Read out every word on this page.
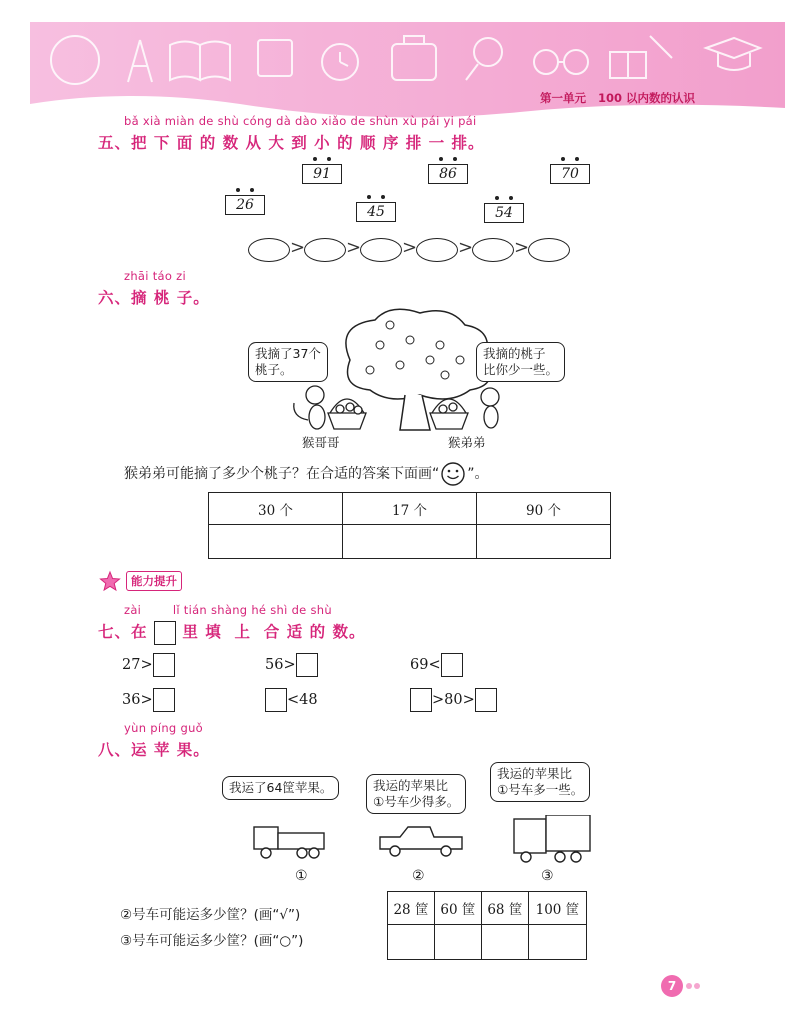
第一单元 100 以内数的认识
bǎ xià miàn de shù cóng dà dào xiǎo de shùn xù pái yi pái
五、把 下 面 的 数 从 大 到 小 的 顺 序 排 一 排。
91	86	70
26	45	54
> > > > >
zhāi táo zi
六、摘 桃 子。
我摘了37个
桃子。
我摘的桃子
比你少一些。
猴哥哥	猴弟弟
猴弟弟可能摘了多少个桃子？在合适的答案下面画“ ”。
30 个	17 个	90 个

能力提升
zài        lǐ tián shàng hé shì de shù
七、在 里 填  上  合 适 的 数。
27>	56>	69<
36>	<48	>80>
yùn píng guǒ
八、运 苹 果。
我运了64筐苹果。	我运的苹果比
①号车少得多。
我运的苹果比
①号车多一些。
①	②	③
②号车可能运多少筐？(画“√”)
③号车可能运多少筐？(画“○”)
28 筐	60 筐	68 筐	100 筐

7
